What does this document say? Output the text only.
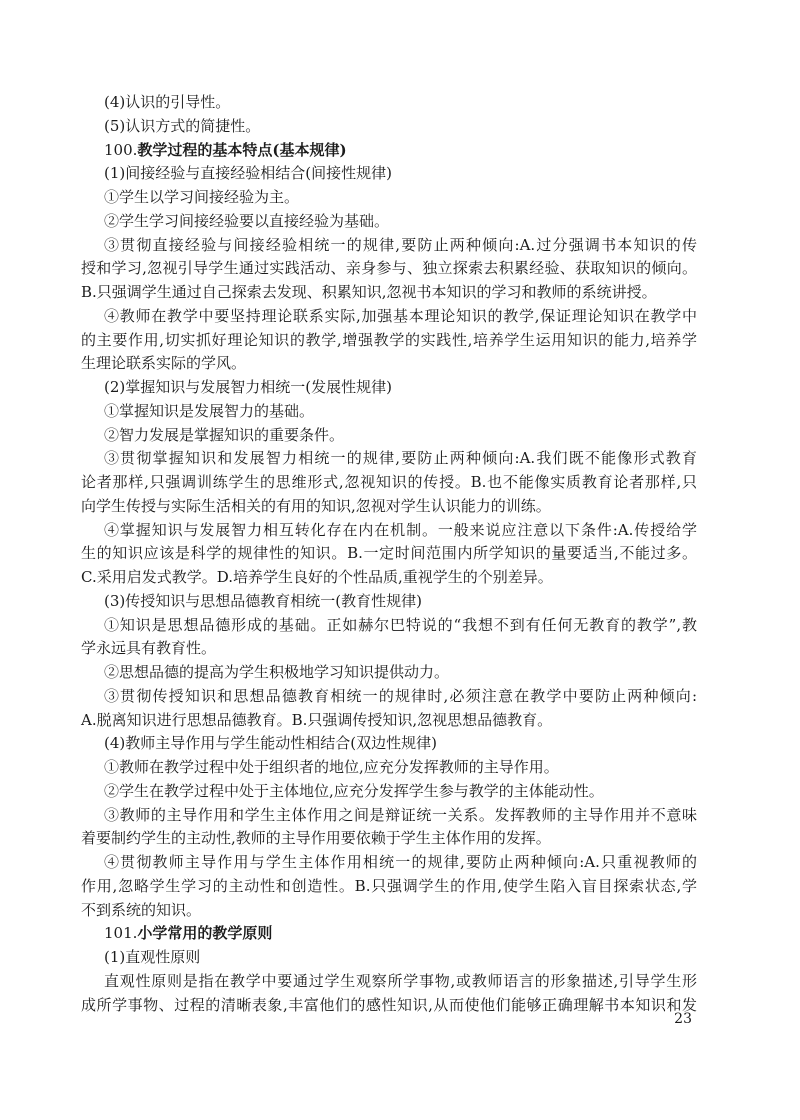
(4)认识的引导性。
(5)认识方式的简捷性。
100.教学过程的基本特点(基本规律)
(1)间接经验与直接经验相结合(间接性规律)
①学生以学习间接经验为主。
②学生学习间接经验要以直接经验为基础。
③贯彻直接经验与间接经验相统一的规律,要防止两种倾向:A.过分强调书本知识的传
授和学习,忽视引导学生通过实践活动、亲身参与、独立探索去积累经验、获取知识的倾向。
B.只强调学生通过自己探索去发现、积累知识,忽视书本知识的学习和教师的系统讲授。
④教师在教学中要坚持理论联系实际,加强基本理论知识的教学,保证理论知识在教学中
的主要作用,切实抓好理论知识的教学,增强教学的实践性,培养学生运用知识的能力,培养学
生理论联系实际的学风。
(2)掌握知识与发展智力相统一(发展性规律)
①掌握知识是发展智力的基础。
②智力发展是掌握知识的重要条件。
③贯彻掌握知识和发展智力相统一的规律,要防止两种倾向:A.我们既不能像形式教育
论者那样,只强调训练学生的思维形式,忽视知识的传授。B.也不能像实质教育论者那样,只
向学生传授与实际生活相关的有用的知识,忽视对学生认识能力的训练。
④掌握知识与发展智力相互转化存在内在机制。一般来说应注意以下条件:A.传授给学
生的知识应该是科学的规律性的知识。B.一定时间范围内所学知识的量要适当,不能过多。
C.采用启发式教学。D.培养学生良好的个性品质,重视学生的个别差异。
(3)传授知识与思想品德教育相统一(教育性规律)
①知识是思想品德形成的基础。正如赫尔巴特说的“我想不到有任何无教育的教学”,教
学永远具有教育性。
②思想品德的提高为学生积极地学习知识提供动力。
③贯彻传授知识和思想品德教育相统一的规律时,必须注意在教学中要防止两种倾向:
A.脱离知识进行思想品德教育。B.只强调传授知识,忽视思想品德教育。
(4)教师主导作用与学生能动性相结合(双边性规律)
①教师在教学过程中处于组织者的地位,应充分发挥教师的主导作用。
②学生在教学过程中处于主体地位,应充分发挥学生参与教学的主体能动性。
③教师的主导作用和学生主体作用之间是辩证统一关系。发挥教师的主导作用并不意味
着要制约学生的主动性,教师的主导作用要依赖于学生主体作用的发挥。
④贯彻教师主导作用与学生主体作用相统一的规律,要防止两种倾向:A.只重视教师的
作用,忽略学生学习的主动性和创造性。B.只强调学生的作用,使学生陷入盲目探索状态,学
不到系统的知识。
101.小学常用的教学原则
(1)直观性原则
直观性原则是指在教学中要通过学生观察所学事物,或教师语言的形象描述,引导学生形
成所学事物、过程的清晰表象,丰富他们的感性知识,从而使他们能够正确理解书本知识和发
23
